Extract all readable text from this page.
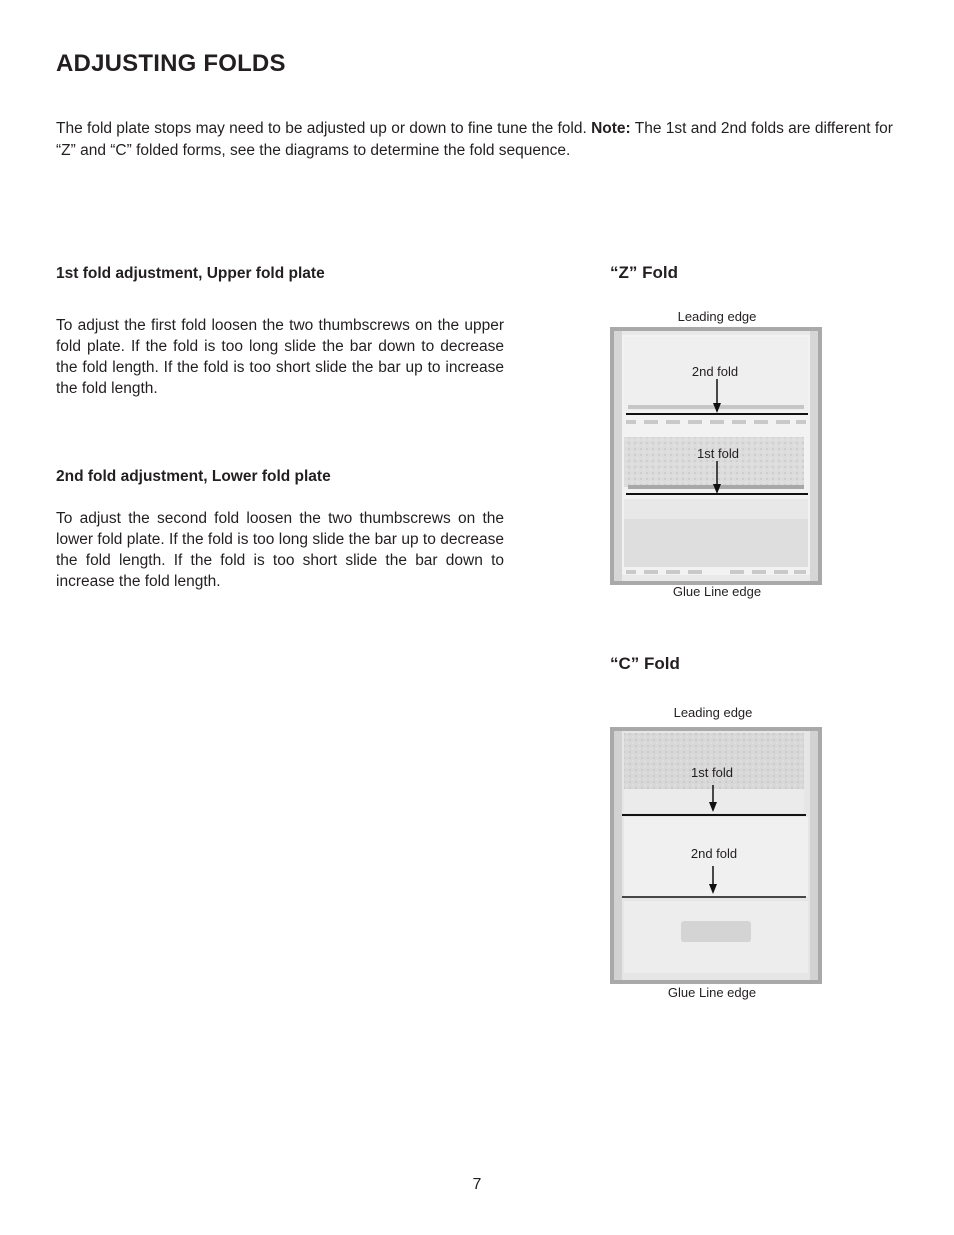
ADJUSTING FOLDS

The fold plate stops may need to be adjusted up or down to fine tune the fold. Note: The 1st and 2nd folds are different for “Z” and “C” folded forms, see the diagrams to determine the fold sequence.

1st fold adjustment, Upper fold plate

To adjust the first fold loosen the two thumbscrews on the upper fold plate. If the fold is too long slide the bar down to decrease the fold length. If the fold is too short slide the bar up to increase the fold length.

2nd fold adjustment, Lower fold plate

To adjust the second fold loosen the two thumbscrews on the lower fold plate. If the fold is too long slide the bar up to decrease the fold length. If the fold is too short slide the bar down to increase the fold length.

“Z” Fold

Leading edge

2nd fold
1st fold

Glue Line edge

“C” Fold

Leading edge

1st fold
2nd fold

Glue Line edge

7
